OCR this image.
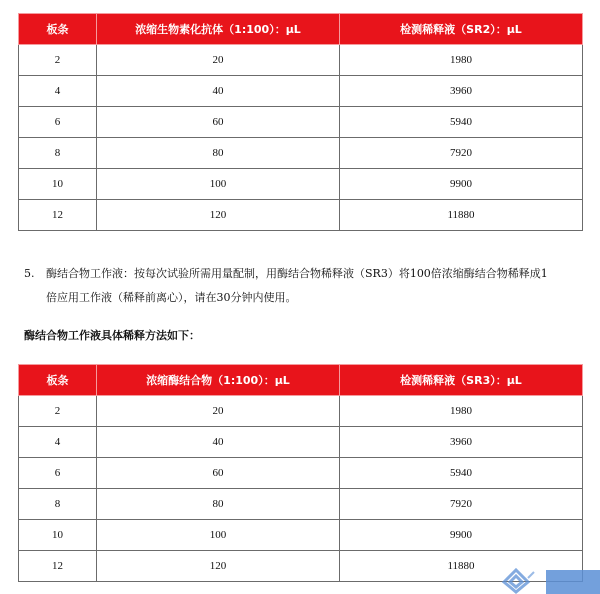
板条	浓缩生物素化抗体（1:100）：μL	检测稀释液（SR2）：μL
2	20	1980
4	40	3960
6	60	5940
8	80	7920
10	100	9900
12	120	11880
5. 酶结合物工作液：按每次试验所需用量配制，用酶结合物稀释液（SR3）将100倍浓缩酶结合物稀释成1
倍应用工作液（稀释前离心），请在30分钟内使用。
酶结合物工作液具体稀释方法如下：
板条	浓缩酶结合物（1:100）：μL	检测稀释液（SR3）：μL
2	20	1980
4	40	3960
6	60	5940
8	80	7920
10	100	9900
12	120	11880
